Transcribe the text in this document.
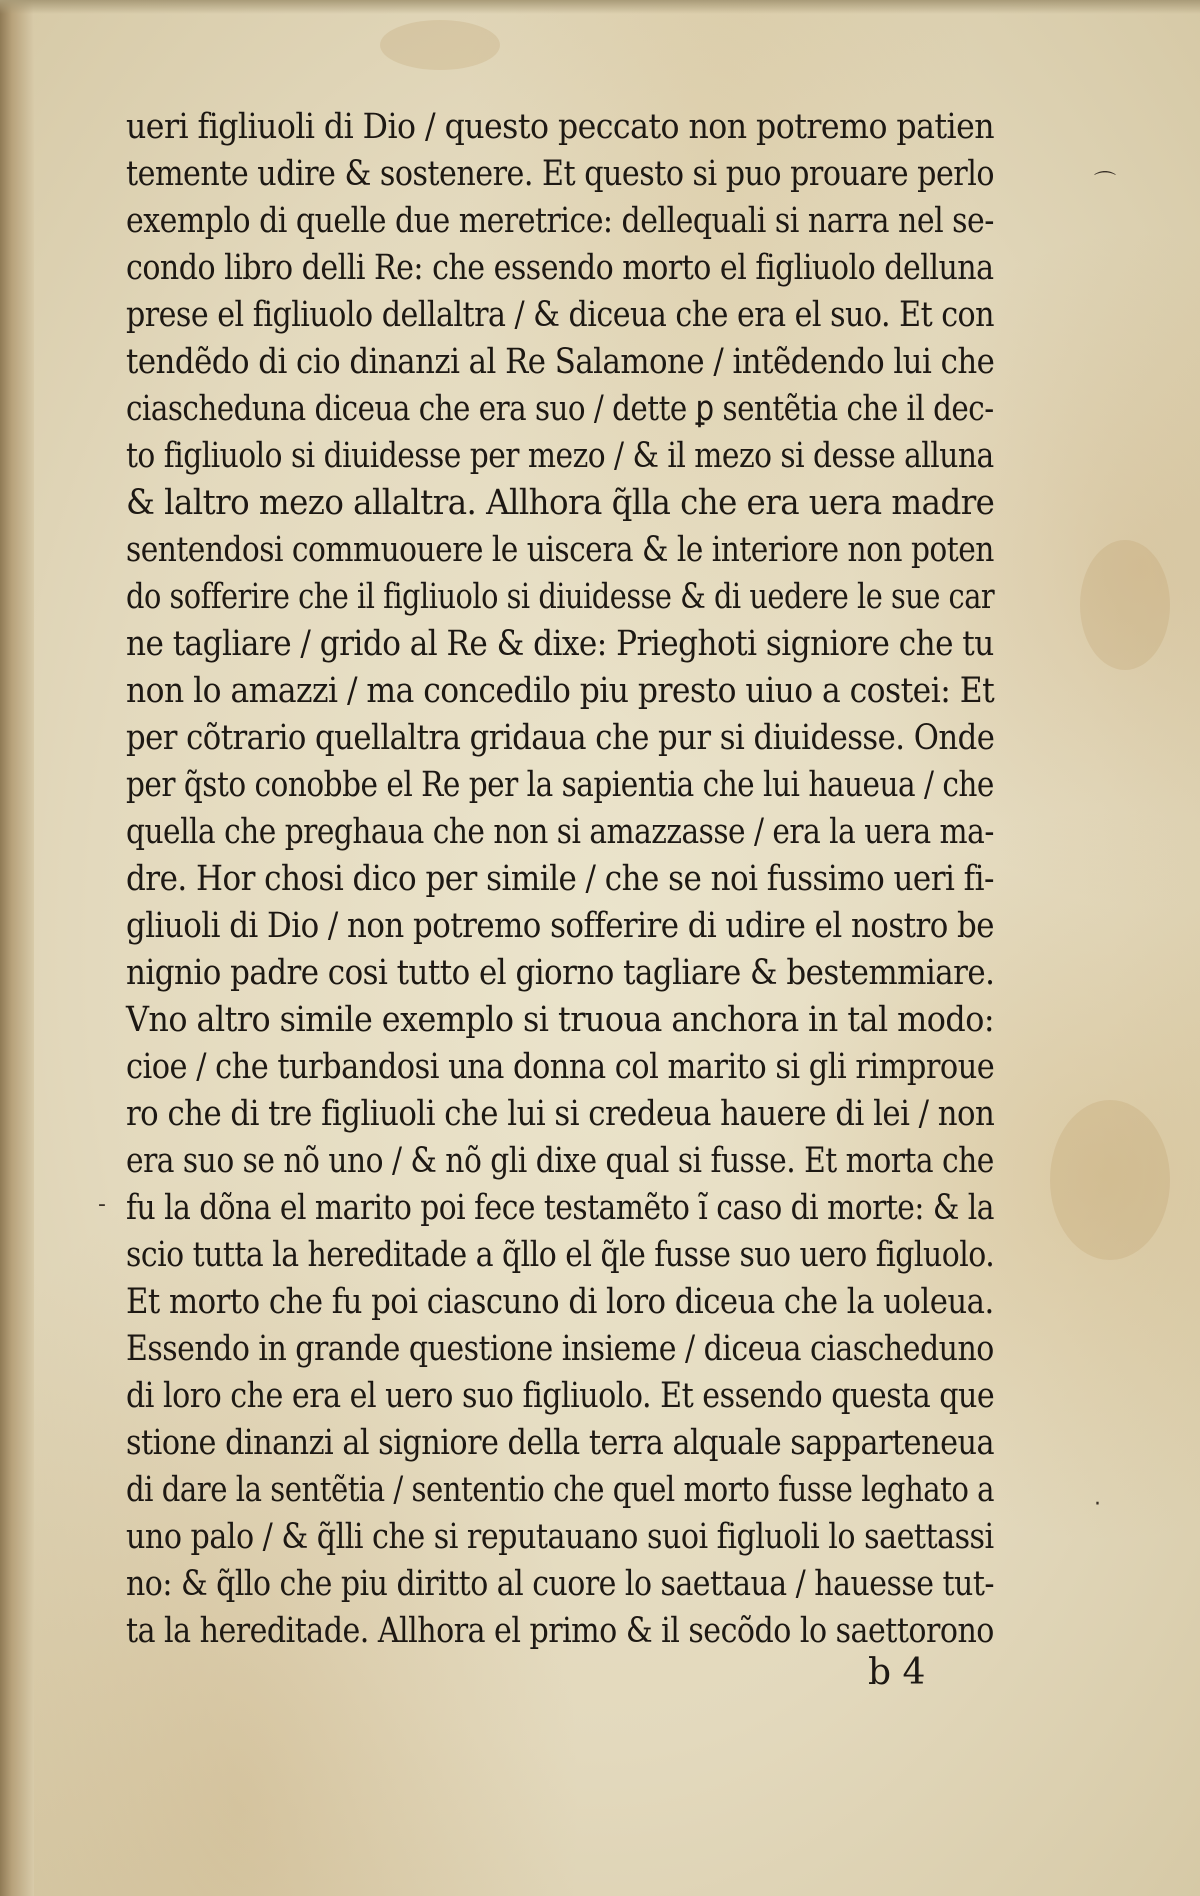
⌒
-
·
ueri figliuoli di Dio / questo peccato non potremo patien
temente udire & sostenere. Et questo si puo prouare perlo
exemplo di quelle due meretrice: dellequali si narra nel se-
condo libro delli Re: che essendo morto el figliuolo delluna
prese el figliuolo dellaltra / & diceua che era el suo. Et con
tendẽdo di cio dinanzi al Re Salamone / intẽdendo lui che
ciascheduna diceua che era suo / dette ꝑ sentẽtia che il dec-
to figliuolo si diuidesse per mezo / & il mezo si desse alluna
& laltro mezo allaltra. Allhora q̃lla che era uera madre
sentendosi commuouere le uiscera & le interiore non poten
do sofferire che il figliuolo si diuidesse & di uedere le sue car
ne tagliare / grido al Re & dixe: Prieghoti signiore che tu
non lo amazzi / ma concedilo piu presto uiuo a costei: Et
per cõtrario quellaltra gridaua che pur si diuidesse. Onde
per q̃sto conobbe el Re per la sapientia che lui haueua / che
quella che preghaua che non si amazzasse / era la uera ma-
dre. Hor chosi dico per simile / che se noi fussimo ueri fi-
gliuoli di Dio / non potremo sofferire di udire el nostro be
nignio padre cosi tutto el giorno tagliare & bestemmiare.
Vno altro simile exemplo si truoua anchora in tal modo:
cioe / che turbandosi una donna col marito si gli rimproue
ro che di tre figliuoli che lui si credeua hauere di lei / non
era suo se nõ uno / & nõ gli dixe qual si fusse. Et morta che
fu la dõna el marito poi fece testamẽto ĩ caso di morte: & la
scio tutta la hereditade a q̃llo el q̃le fusse suo uero figluolo.
Et morto che fu poi ciascuno di loro diceua che la uoleua.
Essendo in grande questione insieme / diceua ciascheduno
di loro che era el uero suo figliuolo. Et essendo questa que
stione dinanzi al signiore della terra alquale sapparteneua
di dare la sentẽtia / sententio che quel morto fusse leghato a
uno palo / & q̃lli che si reputauano suoi figluoli lo saettassi
no: & q̃llo che piu diritto al cuore lo saettaua / hauesse tut-
ta la hereditade. Allhora el primo & il secõdo lo saettorono
b 4
